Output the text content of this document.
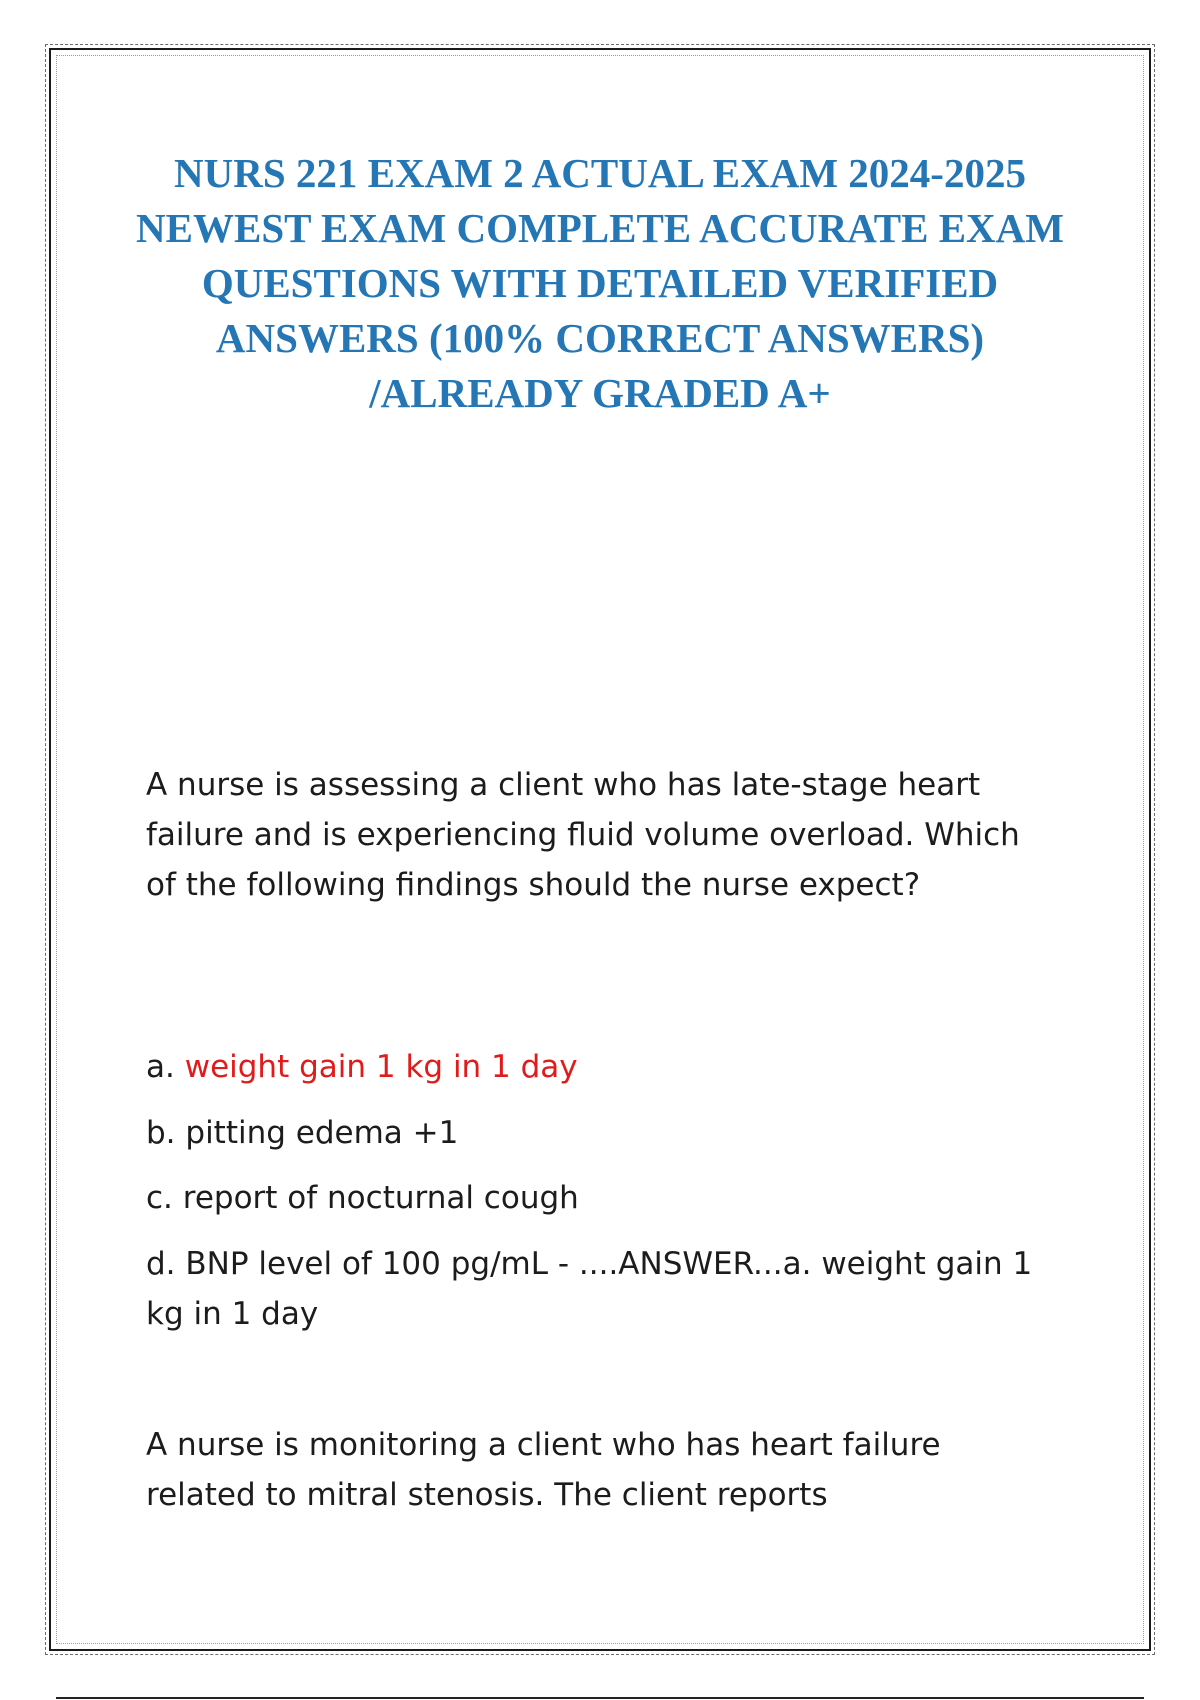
NURS 221 EXAM 2 ACTUAL EXAM 2024-2025 NEWEST EXAM COMPLETE ACCURATE EXAM QUESTIONS WITH DETAILED VERIFIED ANSWERS (100% CORRECT ANSWERS) /ALREADY GRADED A+

A nurse is assessing a client who has late-stage heart failure and is experiencing fluid volume overload. Which of the following findings should the nurse expect?

a. weight gain 1 kg in 1 day

b. pitting edema +1

c. report of nocturnal cough

d. BNP level of 100 pg/mL - ....ANSWER...a. weight gain 1 kg in 1 day

A nurse is monitoring a client who has heart failure related to mitral stenosis. The client reports
